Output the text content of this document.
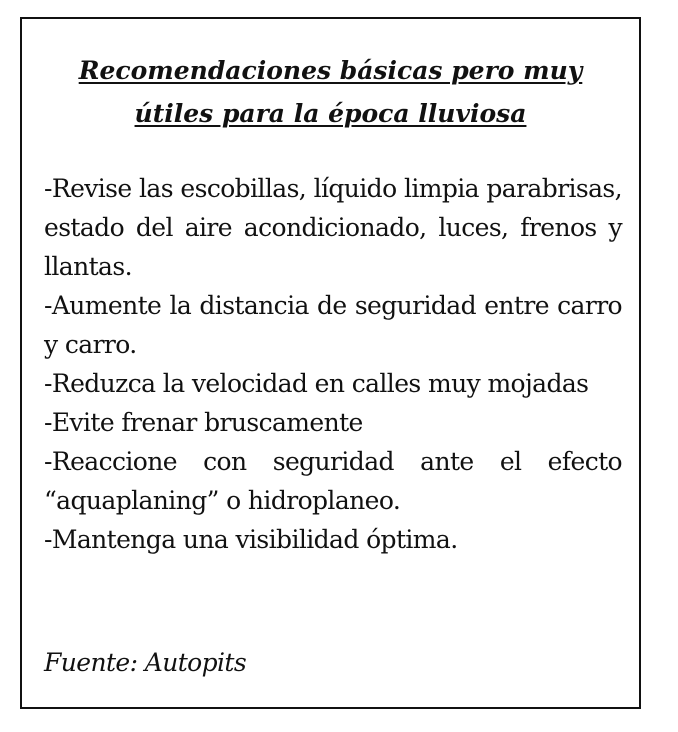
Recomendaciones básicas pero muy
útiles para la época lluviosa
-Revise las escobillas, líquido limpia parabrisas, estado del aire acondicionado, luces, frenos y llantas.
-Aumente la distancia de seguridad entre carro y carro.
-Reduzca la velocidad en calles muy mojadas
-Evite frenar bruscamente
-Reaccione con seguridad ante el efecto “aquaplaning” o hidroplaneo.
-Mantenga una visibilidad óptima.
Fuente: Autopits
